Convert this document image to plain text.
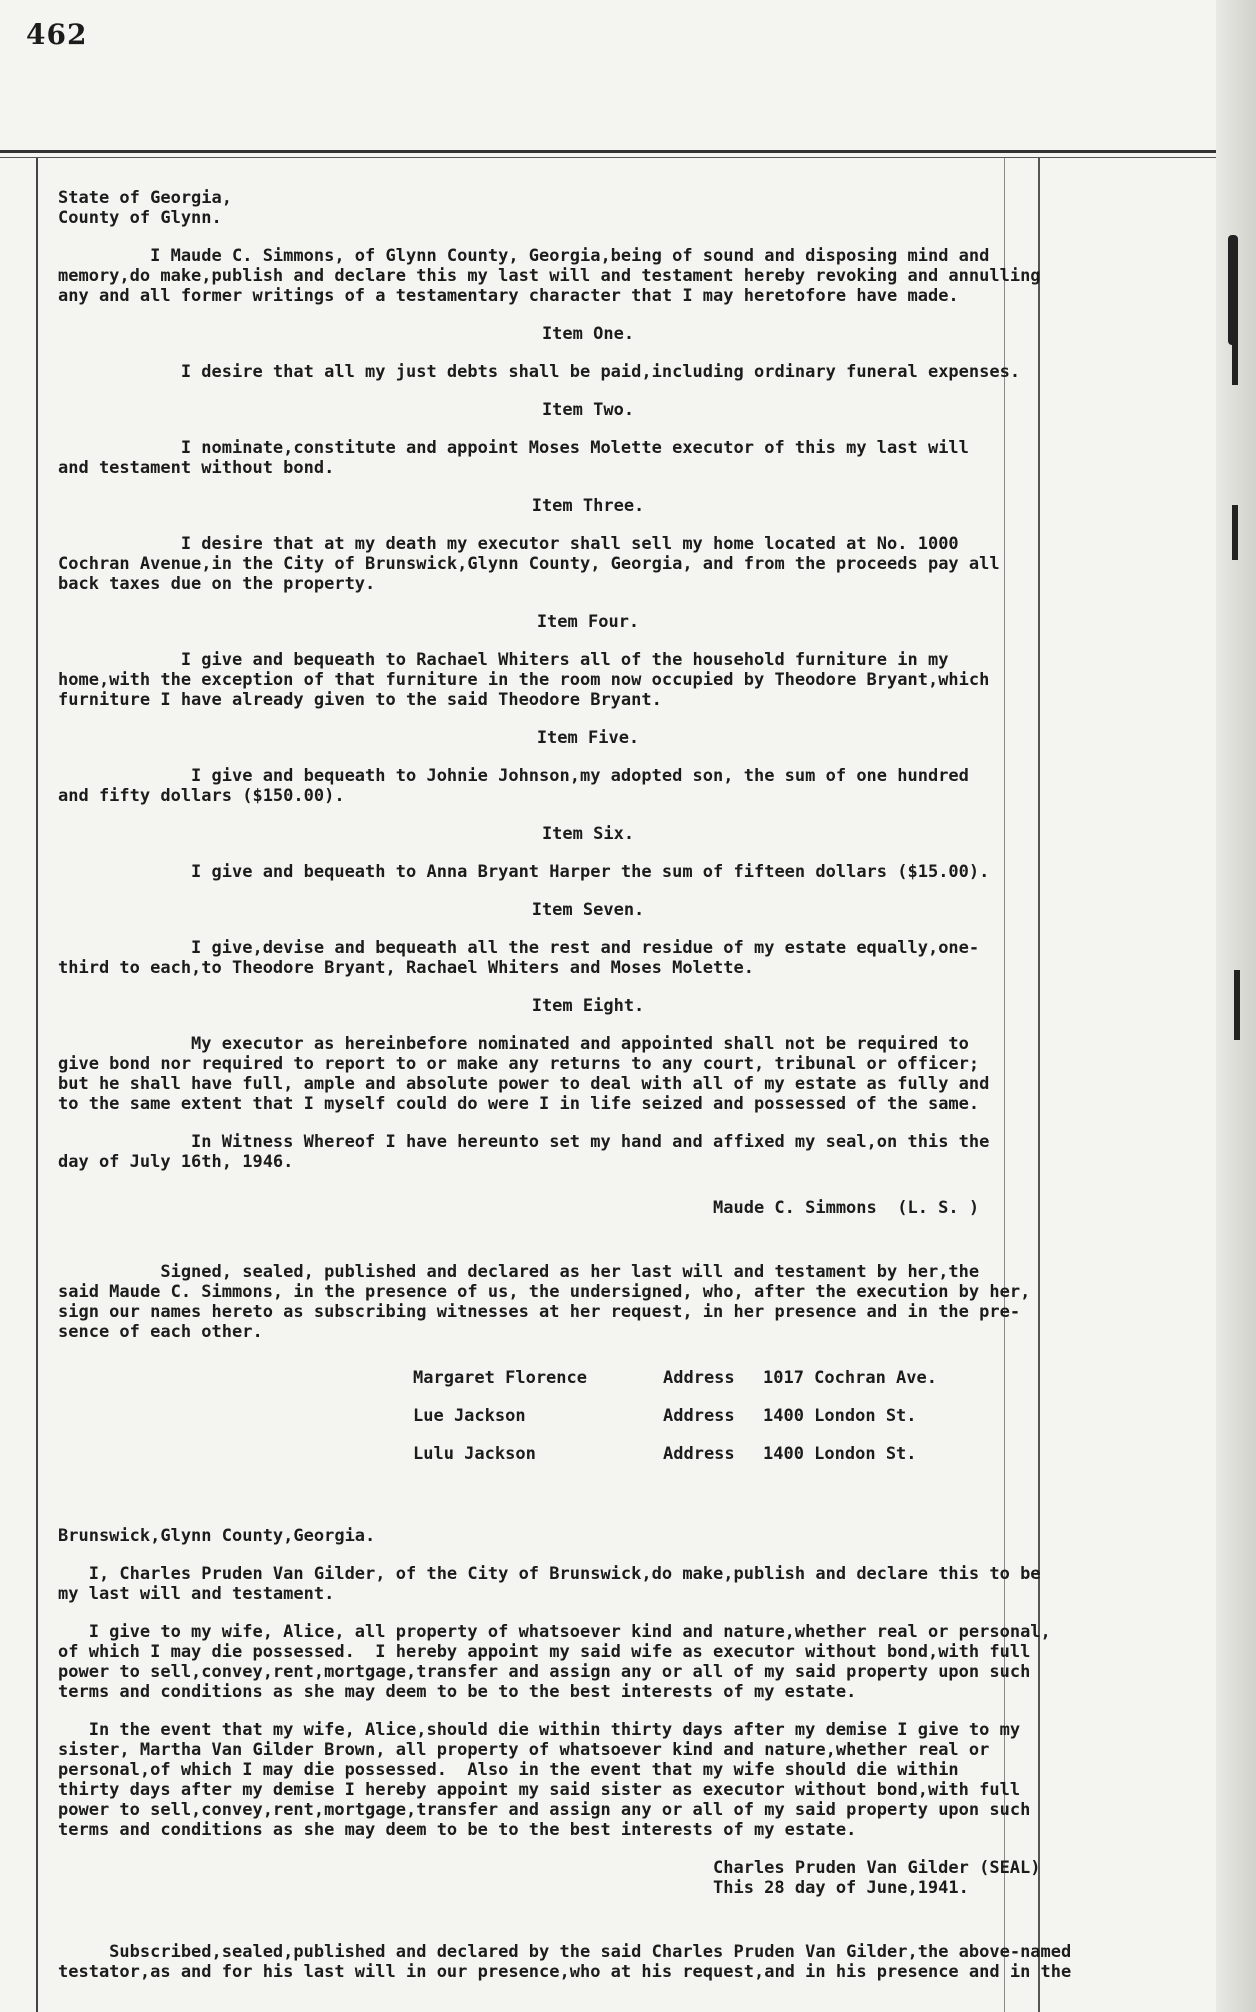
462
State of Georgia,
County of Glynn.
I Maude C. Simmons, of Glynn County, Georgia,being of sound and disposing mind and
memory,do make,publish and declare this my last will and testament hereby revoking and annulling
any and all former writings of a testamentary character that I may heretofore have made.
Item One.
I desire that all my just debts shall be paid,including ordinary funeral expenses.
Item Two.
I nominate,constitute and appoint Moses Molette executor of this my last will
and testament without bond.
Item Three.
I desire that at my death my executor shall sell my home located at No. 1000
Cochran Avenue,in the City of Brunswick,Glynn County, Georgia, and from the proceeds pay all
back taxes due on the property.
Item Four.
I give and bequeath to Rachael Whiters all of the household furniture in my
home,with the exception of that furniture in the room now occupied by Theodore Bryant,which
furniture I have already given to the said Theodore Bryant.
Item Five.
I give and bequeath to Johnie Johnson,my adopted son, the sum of one hundred
and fifty dollars ($150.00).
Item Six.
I give and bequeath to Anna Bryant Harper the sum of fifteen dollars ($15.00).
Item Seven.
I give,devise and bequeath all the rest and residue of my estate equally,one-
third to each,to Theodore Bryant, Rachael Whiters and Moses Molette.
Item Eight.
My executor as hereinbefore nominated and appointed shall not be required to
give bond nor required to report to or make any returns to any court, tribunal or officer;
but he shall have full, ample and absolute power to deal with all of my estate as fully and
to the same extent that I myself could do were I in life seized and possessed of the same.
In Witness Whereof I have hereunto set my hand and affixed my seal,on this the
day of July 16th, 1946.
Maude C. Simmons  (L. S. )
Signed, sealed, published and declared as her last will and testament by her,the
said Maude C. Simmons, in the presence of us, the undersigned, who, after the execution by her,
sign our names hereto as subscribing witnesses at her request, in her presence and in the pre-
sence of each other.
Margaret Florence	Address	1017 Cochran Ave.
Lue Jackson	Address	1400 London St.
Lulu Jackson	Address	1400 London St.
Brunswick,Glynn County,Georgia.
I, Charles Pruden Van Gilder, of the City of Brunswick,do make,publish and declare this to be
my last will and testament.
I give to my wife, Alice, all property of whatsoever kind and nature,whether real or personal,
of which I may die possessed.  I hereby appoint my said wife as executor without bond,with full
power to sell,convey,rent,mortgage,transfer and assign any or all of my said property upon such
terms and conditions as she may deem to be to the best interests of my estate.
In the event that my wife, Alice,should die within thirty days after my demise I give to my
sister, Martha Van Gilder Brown, all property of whatsoever kind and nature,whether real or
personal,of which I may die possessed.  Also in the event that my wife should die within
thirty days after my demise I hereby appoint my said sister as executor without bond,with full
power to sell,convey,rent,mortgage,transfer and assign any or all of my said property upon such
terms and conditions as she may deem to be to the best interests of my estate.
Charles Pruden Van Gilder (SEAL)
This 28 day of June,1941.
Subscribed,sealed,published and declared by the said Charles Pruden Van Gilder,the above-named
testator,as and for his last will in our presence,who at his request,and in his presence and in the
